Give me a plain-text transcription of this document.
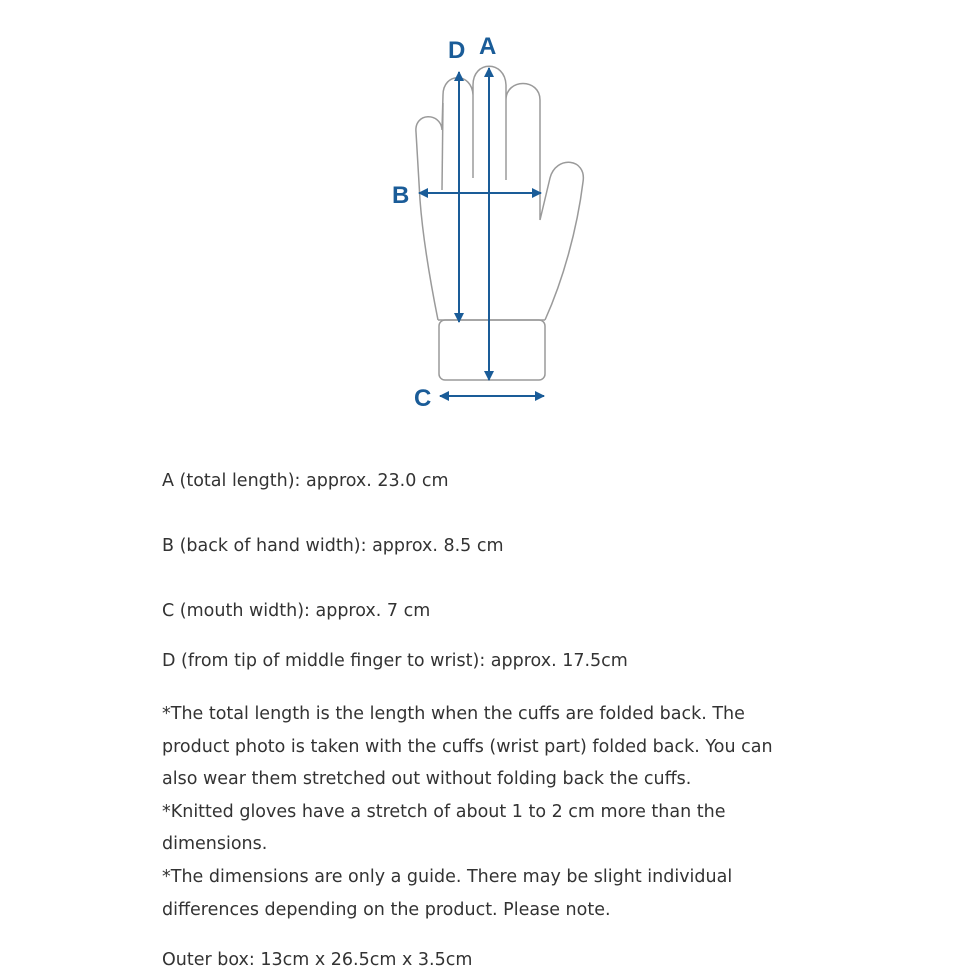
D A
B
C
A (total length): approx. 23.0 cm
B (back of hand width): approx. 8.5 cm
C (mouth width): approx. 7 cm
D (from tip of middle finger to wrist): approx. 17.5cm
*The total length is the length when the cuffs are folded back. The
product photo is taken with the cuffs (wrist part) folded back. You can
also wear them stretched out without folding back the cuffs.
*Knitted gloves have a stretch of about 1 to 2 cm more than the
dimensions.
*The dimensions are only a guide. There may be slight individual
differences depending on the product. Please note.
Outer box: 13cm x 26.5cm x 3.5cm
